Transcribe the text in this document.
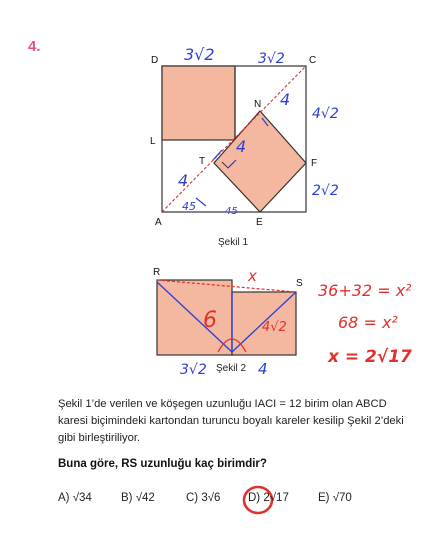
4.
D	C
L
N
T	F
E
A
3√2	3√2
4√2
2√2
4
4
4
45	45
Şekil 1
R
S
x
6	4√2
3√2	4
Şekil 2
36+32 = x²
68 = x²
x = 2√17

Şekil 1’de verilen ve köşegen uzunluğu IACI = 12 birim olan ABCD karesi biçimindeki kartondan turuncu boyalı kareler kesilip Şekil 2’deki gibi birleştiriliyor.

Buna göre, RS uzunluğu kaç birimdir?
A) √34	B) √42	C) 3√6 D) 2√17	E) √70
